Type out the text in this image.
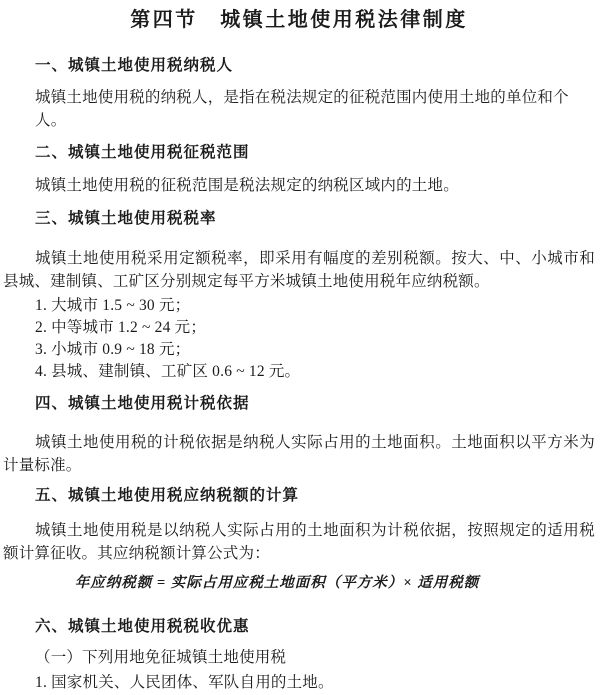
第四节　城镇土地使用税法律制度
一、城镇土地使用税纳税人
城镇土地使用税的纳税人，是指在税法规定的征税范围内使用土地的单位和个人。
二、城镇土地使用税征税范围
城镇土地使用税的征税范围是税法规定的纳税区域内的土地。
三、城镇土地使用税税率
城镇土地使用税采用定额税率，即采用有幅度的差别税额。按大、中、小城市和
县城、建制镇、工矿区分别规定每平方米城镇土地使用税年应纳税额。
1. 大城市 1.5 ~ 30 元；
2. 中等城市 1.2 ~ 24 元；
3. 小城市 0.9 ~ 18 元；
4. 县城、建制镇、工矿区 0.6 ~ 12 元。
四、城镇土地使用税计税依据
城镇土地使用税的计税依据是纳税人实际占用的土地面积。土地面积以平方米为
计量标准。
五、城镇土地使用税应纳税额的计算
城镇土地使用税是以纳税人实际占用的土地面积为计税依据，按照规定的适用税
额计算征收。其应纳税额计算公式为：
年应纳税额 = 实际占用应税土地面积（平方米）× 适用税额
六、城镇土地使用税税收优惠
（一）下列用地免征城镇土地使用税
1. 国家机关、人民团体、军队自用的土地。
